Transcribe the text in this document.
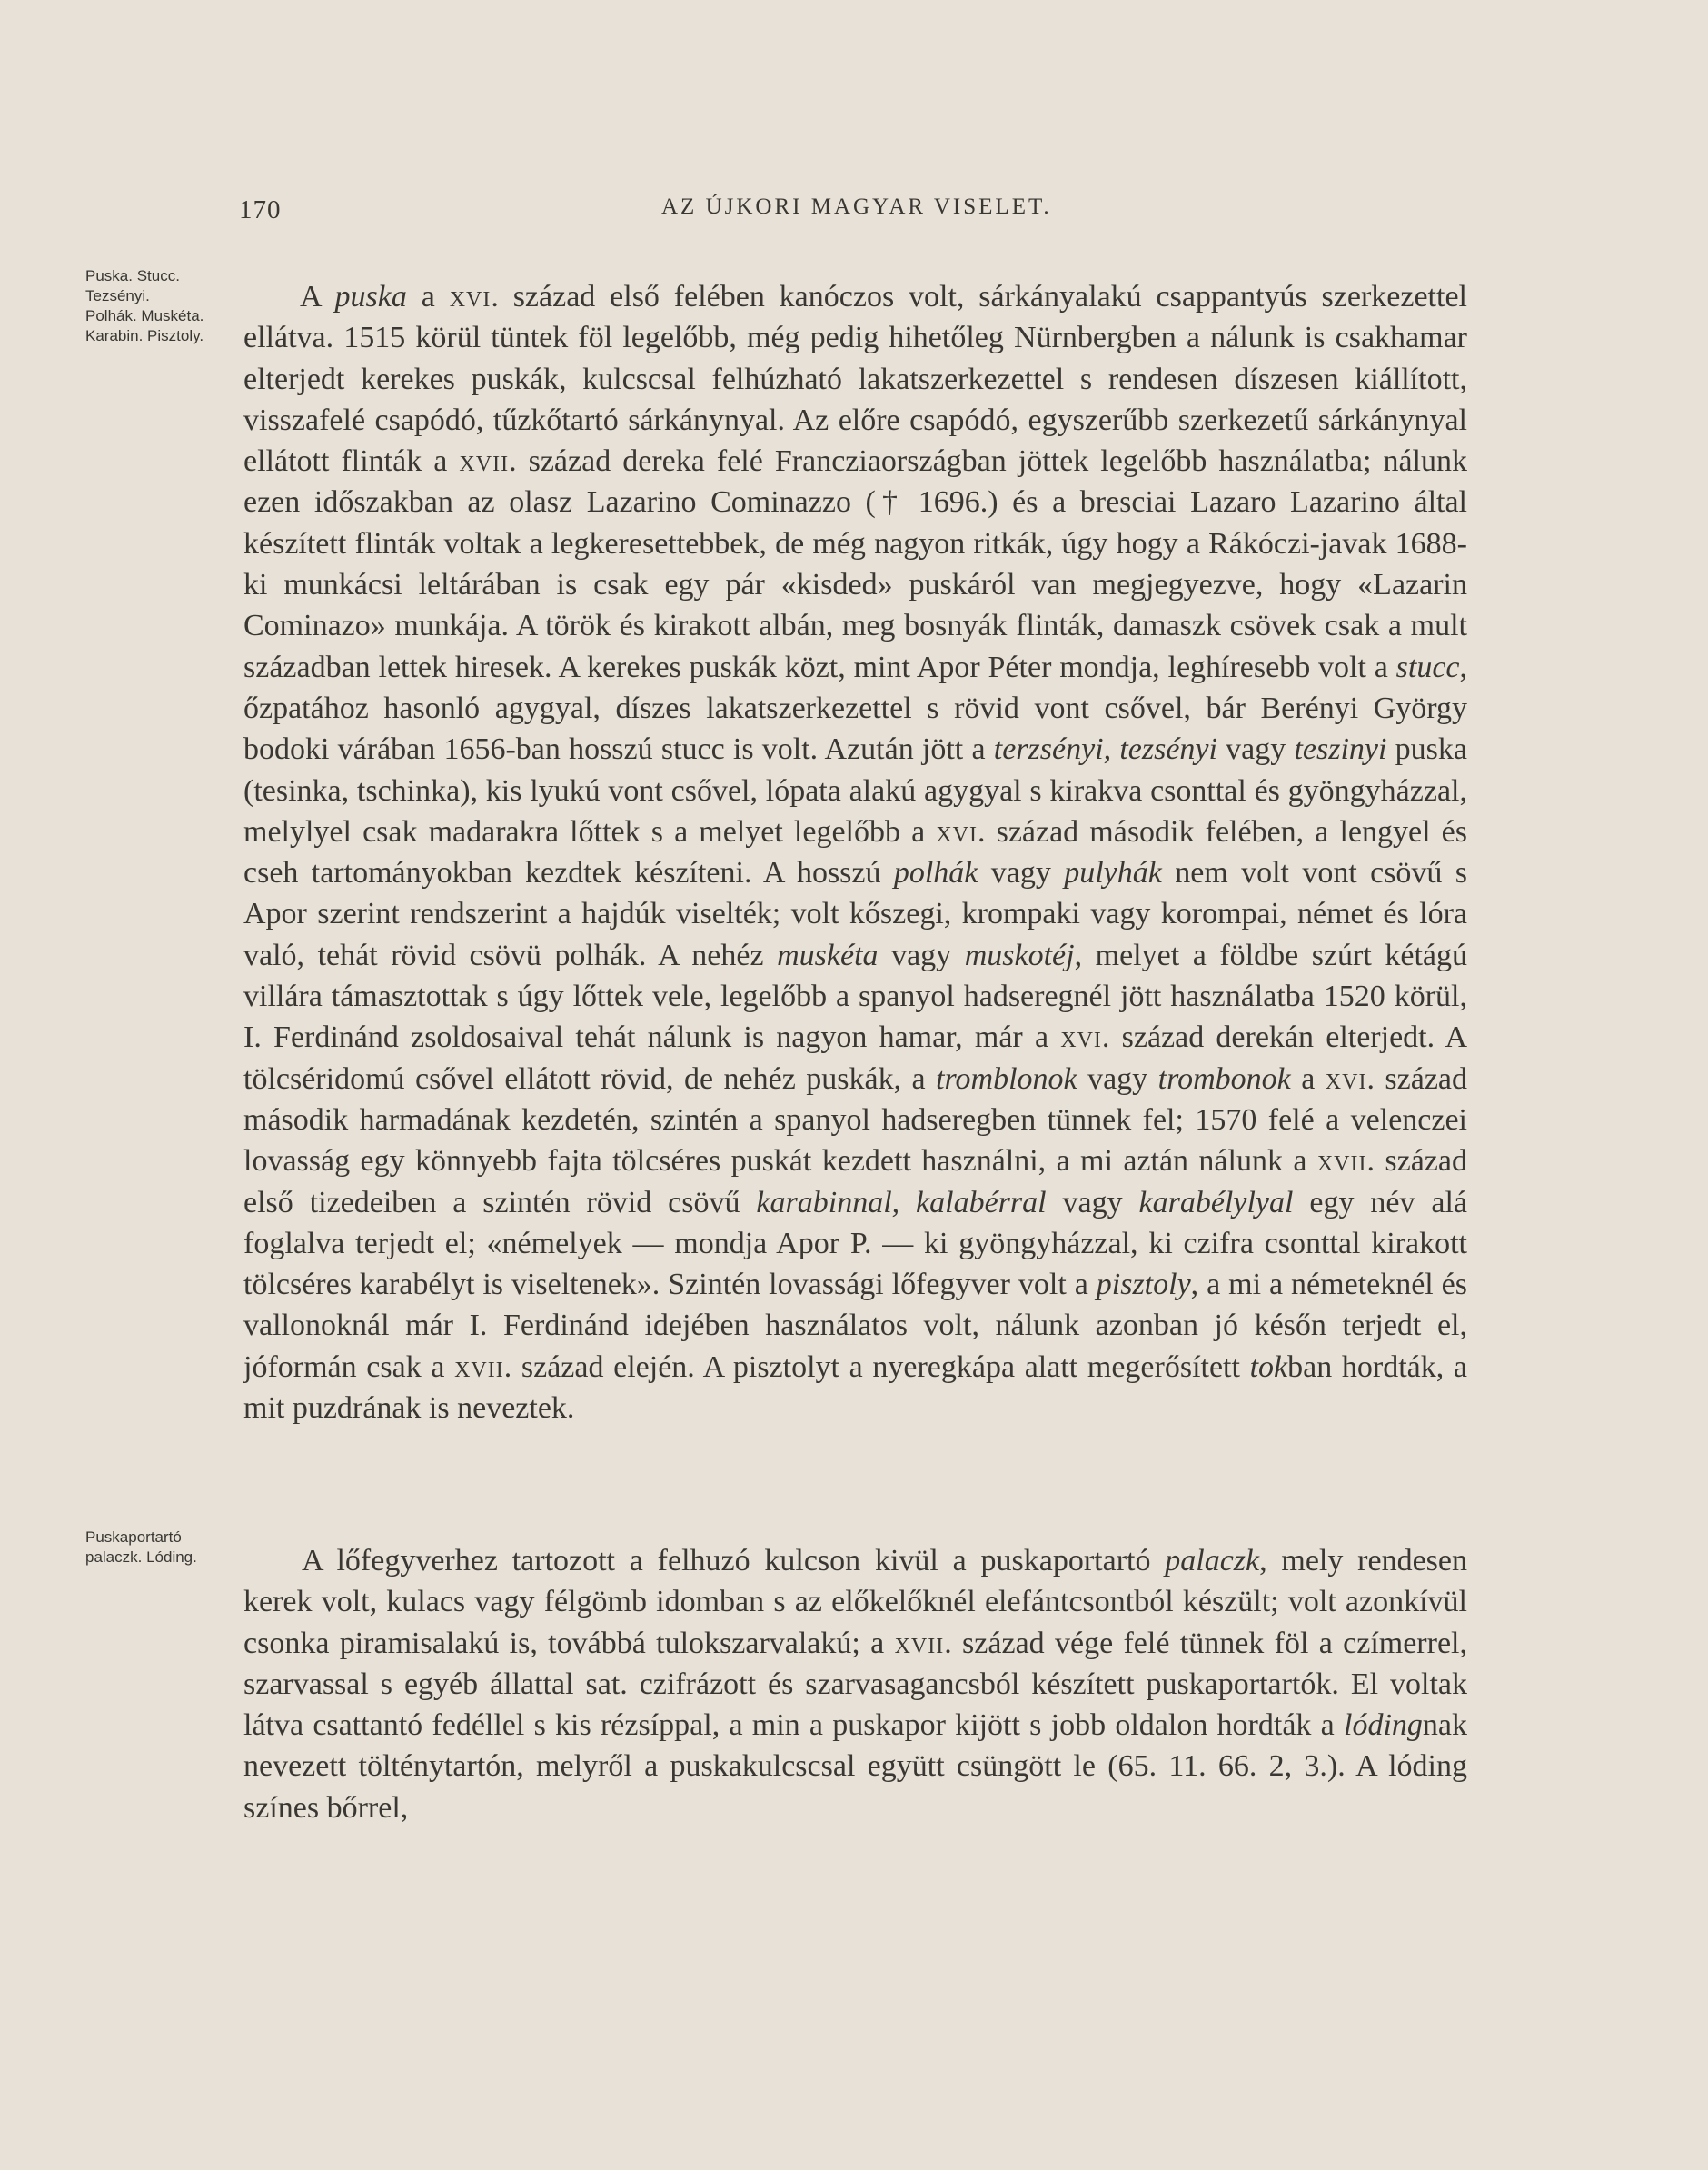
170	AZ ÚJKORI MAGYAR VISELET.
Puska. Stucc.
Tezsényi.
Polhák. Muskéta.
Karabin. Pisztoly.
Puskaportartó
palaczk. Lóding.

A puska a xvi. század első felében kanóczos volt, sárkányalakú csappantyús szerkezettel ellátva. 1515 körül tüntek föl legelőbb, még pedig hihetőleg Nürnbergben a nálunk is csakhamar elterjedt kerekes puskák, kulcscsal felhúzható lakatszerkezettel s rendesen díszesen kiállított, visszafelé csapódó, tűzkőtartó sárkánynyal. Az előre csapódó, egyszerűbb szerkezetű sárkánynyal ellátott flinták a xvii. század dereka felé Francziaországban jöttek legelőbb használatba; nálunk ezen időszakban az olasz Lazarino Cominazzo († 1696.) és a bresciai Lazaro Lazarino által készített flinták voltak a legkeresettebbek, de még nagyon ritkák, úgy hogy a Rákóczi-javak 1688-ki munkácsi leltárában is csak egy pár «kisded» puskáról van megjegyezve, hogy «Lazarin Cominazo» munkája. A török és kirakott albán, meg bosnyák flinták, damaszk csövek csak a mult században lettek hiresek. A kerekes puskák közt, mint Apor Péter mondja, leghíresebb volt a stucc, őzpatához hasonló agygyal, díszes lakatszerkezettel s rövid vont csővel, bár Berényi György bodoki várában 1656-ban hosszú stucc is volt. Azután jött a terzsényi, tezsényi vagy teszinyi puska (tesinka, tschinka), kis lyukú vont csővel, lópata alakú agygyal s kirakva csonttal és gyöngyházzal, melylyel csak madarakra lőttek s a melyet legelőbb a xvi. század második felében, a lengyel és cseh tartományokban kezdtek készíteni. A hosszú polhák vagy pulyhák nem volt vont csövű s Apor szerint rendszerint a hajdúk viselték; volt kőszegi, krompaki vagy korompai, német és lóra való, tehát rövid csövü polhák. A nehéz muskéta vagy muskotéj, melyet a földbe szúrt kétágú villára támasztottak s úgy lőttek vele, legelőbb a spanyol hadseregnél jött használatba 1520 körül, I. Ferdinánd zsoldosaival tehát nálunk is nagyon hamar, már a xvi. század derekán elterjedt. A tölcséridomú csővel ellátott rövid, de nehéz puskák, a tromblonok vagy trombonok a xvi. század második harmadának kezdetén, szintén a spanyol hadseregben tünnek fel; 1570 felé a velenczei lovasság egy könnyebb fajta tölcséres puskát kezdett használni, a mi aztán nálunk a xvii. század első tizedeiben a szintén rövid csövű karabinnal, kalabérral vagy karabélylyal egy név alá foglalva terjedt el; «némelyek — mondja Apor P. — ki gyöngyházzal, ki czifra csonttal kirakott tölcséres karabélyt is viseltenek». Szintén lovassági lőfegyver volt a pisztoly, a mi a németeknél és vallonoknál már I. Ferdinánd idejében használatos volt, nálunk azonban jó későn terjedt el, jóformán csak a xvii. század elején. A pisztolyt a nyeregkápa alatt megerősített tokban hordták, a mit puzdrának is neveztek.

A lőfegyverhez tartozott a felhuzó kulcson kivül a puskaportartó palaczk, mely rendesen kerek volt, kulacs vagy félgömb idomban s az előkelőknél elefántcsontból készült; volt azonkívül csonka piramisalakú is, továbbá tulokszarvalakú; a xvii. század vége felé tünnek föl a czímerrel, szarvassal s egyéb állattal sat. czifrázott és szarvasagancsból készített puskaportartók. El voltak látva csattantó fedéllel s kis rézsíppal, a min a puskapor kijött s jobb oldalon hordták a lódingnak nevezett tölténytartón, melyről a puskakulcscsal együtt csüngött le (65. 11. 66. 2, 3.). A lóding színes bőrrel,
